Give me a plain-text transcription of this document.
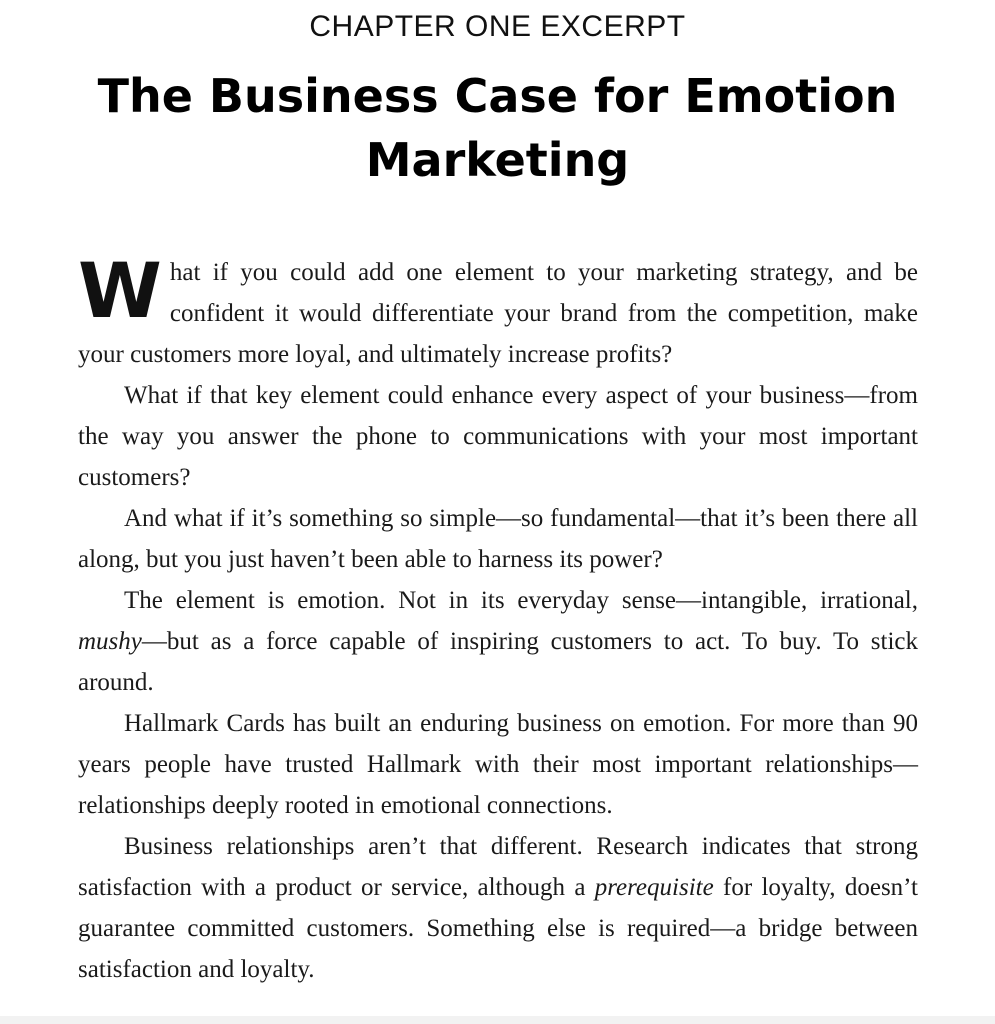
CHAPTER ONE EXCERPT
The Business Case for Emotion Marketing

What if you could add one element to your marketing strategy, and be confident it would differentiate your brand from the competition, make your customers more loyal, and ultimately increase profits?

What if that key element could enhance every aspect of your business—from the way you answer the phone to communications with your most important customers?

And what if it’s something so simple—so fundamental—that it’s been there all along, but you just haven’t been able to harness its power?

The element is emotion. Not in its everyday sense—intangible, irrational, mushy—but as a force capable of inspiring customers to act. To buy. To stick around.

Hallmark Cards has built an enduring business on emotion. For more than 90 years people have trusted Hallmark with their most important relationships—relationships deeply rooted in emotional connections.

Business relationships aren’t that different. Research indicates that strong satisfaction with a product or service, although a prerequisite for loyalty, doesn’t guarantee committed customers. Something else is required—a bridge between satisfaction and loyalty.
